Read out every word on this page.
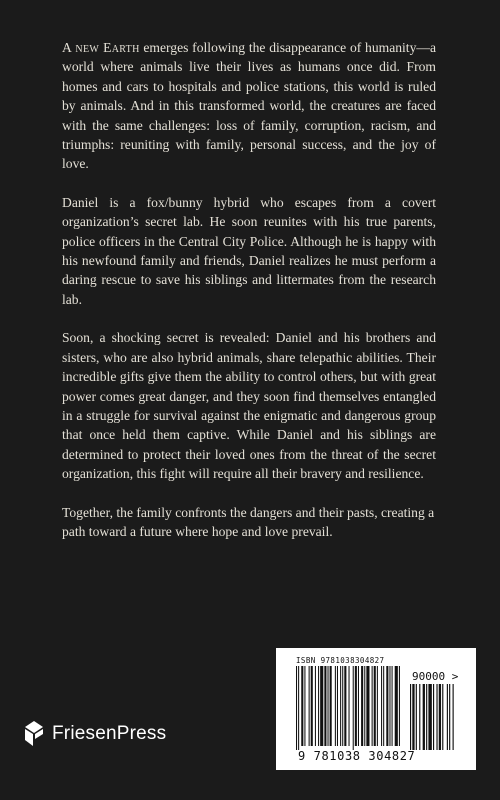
A new Earth emerges following the disappearance of humanity—a world where animals live their lives as humans once did. From homes and cars to hospitals and police stations, this world is ruled by animals. And in this transformed world, the creatures are faced with the same challenges: loss of family, corruption, racism, and triumphs: reuniting with family, personal success, and the joy of love.

Daniel is a fox/bunny hybrid who escapes from a covert organization’s secret lab. He soon reunites with his true parents, police officers in the Central City Police. Although he is happy with his newfound family and friends, Daniel realizes he must perform a daring rescue to save his siblings and littermates from the research lab.

Soon, a shocking secret is revealed: Daniel and his brothers and sisters, who are also hybrid animals, share telepathic abilities. Their incredible gifts give them the ability to control others, but with great power comes great danger, and they soon find themselves entangled in a struggle for survival against the enigmatic and dangerous group that once held them captive. While Daniel and his siblings are determined to protect their loved ones from the threat of the secret organization, this fight will require all their bravery and resilience.

Together, the family confronts the dangers and their pasts, creating a path toward a future where hope and love prevail.

FriesenPress
ISBN 9781038304827
90000 >
9 781038 304827
